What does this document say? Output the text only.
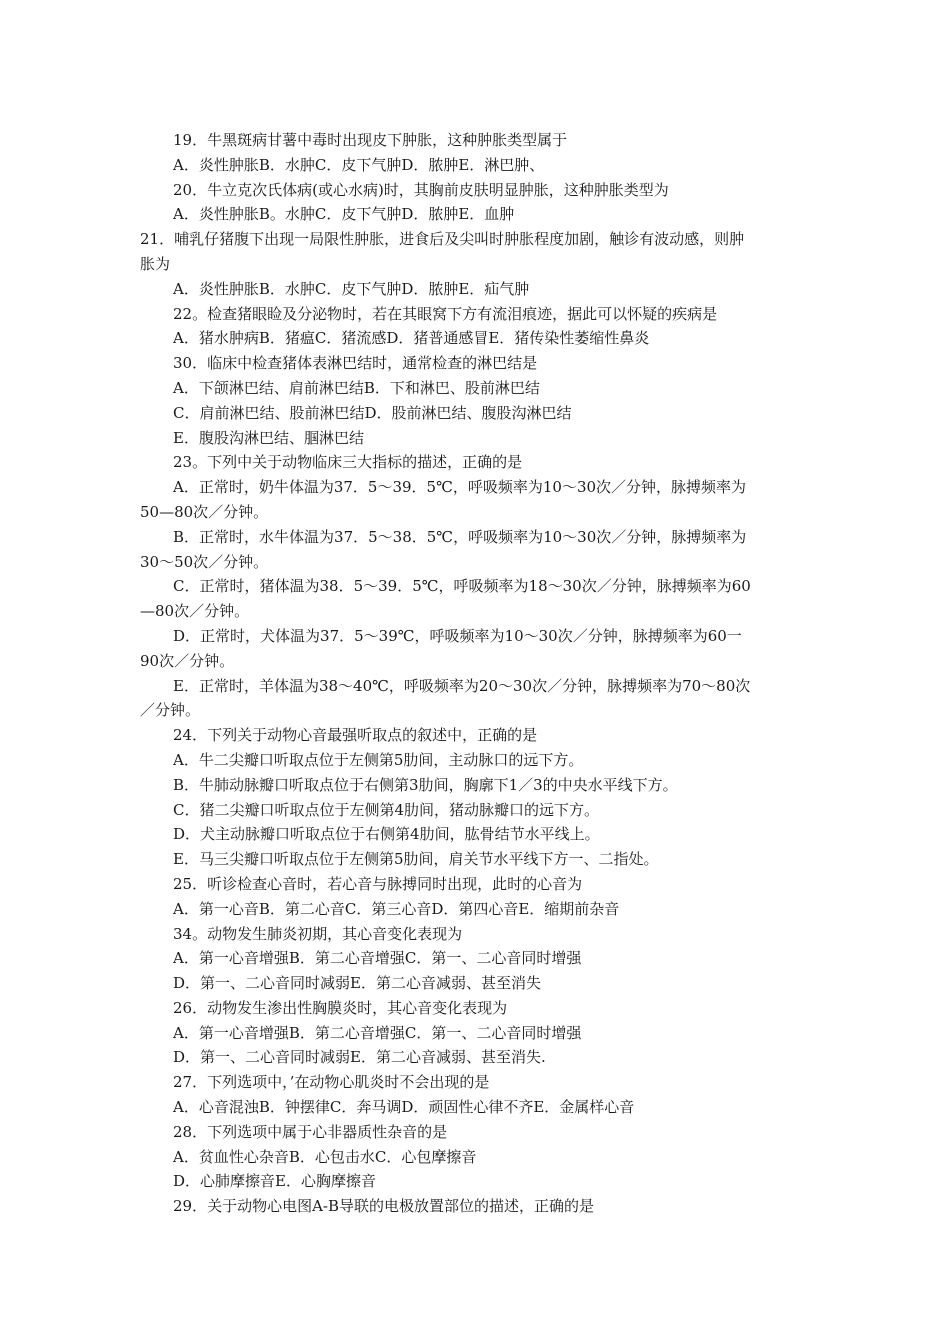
19．牛黑斑病甘薯中毒时出现皮下肿胀，这种肿胀类型属于

A．炎性肿胀B．水肿C．皮下气肿D．脓肿E．淋巴肿、

20．牛立克次氏体病(或心水病)时，其胸前皮肤明显肿胀，这种肿胀类型为

A．炎性肿胀B。水肿C．皮下气肿D．脓肿E．血肿

21．哺乳仔猪腹下出现一局限性肿胀，进食后及尖叫时肿胀程度加剧，触诊有波动感，则肿

胀为

A．炎性肿胀B．水肿C．皮下气肿D．脓肿E．疝气肿

22。检查猪眼睑及分泌物时，若在其眼窝下方有流泪痕迹，据此可以怀疑的疾病是

A．猪水肿病B．猪瘟C．猪流感D．猪普通感冒E．猪传染性萎缩性鼻炎

30．临床中检查猪体表淋巴结时，通常检查的淋巴结是

A．下颌淋巴结、肩前淋巴结B．下和淋巴、股前淋巴结

C．肩前淋巴结、股前淋巴结D．股前淋巴结、腹股沟淋巴结

E．腹股沟淋巴结、腘淋巴结

23。下列中关于动物临床三大指标的描述，正确的是

A．正常时，奶牛体温为37．5～39．5℃，呼吸频率为10～30次／分钟，脉搏频率为

50—80次／分钟。

B．正常时，水牛体温为37．5～38．5℃，呼吸频率为10～30次／分钟，脉搏频率为

30～50次／分钟。

C．正常时，猪体温为38．5～39．5℃，呼吸频率为18～30次／分钟，脉搏频率为60

—80次／分钟。

D．正常时，犬体温为37．5～39℃，呼吸频率为10～30次／分钟，脉搏频率为60一

90次／分钟。

E．正常时，羊体温为38～40℃，呼吸频率为20～30次／分钟，脉搏频率为70～80次

／分钟。

24．下列关于动物心音最强听取点的叙述中，正确的是

A．牛二尖瓣口听取点位于左侧第5肋间，主动脉口的远下方。

B．牛肺动脉瓣口听取点位于右侧第3肋间，胸廓下1／3的中央水平线下方。

C．猪二尖瓣口听取点位于左侧第4肋间，猪动脉瓣口的远下方。

D．犬主动脉瓣口听取点位于右侧第4肋间，肱骨结节水平线上。

E．马三尖瓣口听取点位于左侧第5肋间，肩关节水平线下方一、二指处。

25．听诊检查心音时，若心音与脉搏同时出现，此时的心音为

A．第一心音B．第二心音C．第三心音D．第四心音E．缩期前杂音

34。动物发生肺炎初期，其心音变化表现为

A．第一心音增强B．第二心音增强C．第一、二心音同时增强

D．第一、二心音同时减弱E．第二心音减弱、甚至消失

26．动物发生渗出性胸膜炎时，其心音变化表现为

A．第一心音增强B．第二心音增强C．第一、二心音同时增强

D．第一、二心音同时减弱E．第二心音减弱、甚至消失.

27．下列选项中，’在动物心肌炎时不会出现的是

A．心音混浊B．钟摆律C．奔马调D．顽固性心律不齐E．金属样心音

28．下列选项中属于心非器质性杂音的是

A．贫血性心杂音B．心包击水C．心包摩擦音

D．心肺摩擦音E．心胸摩擦音

29．关于动物心电图A-B导联的电极放置部位的描述，正确的是
